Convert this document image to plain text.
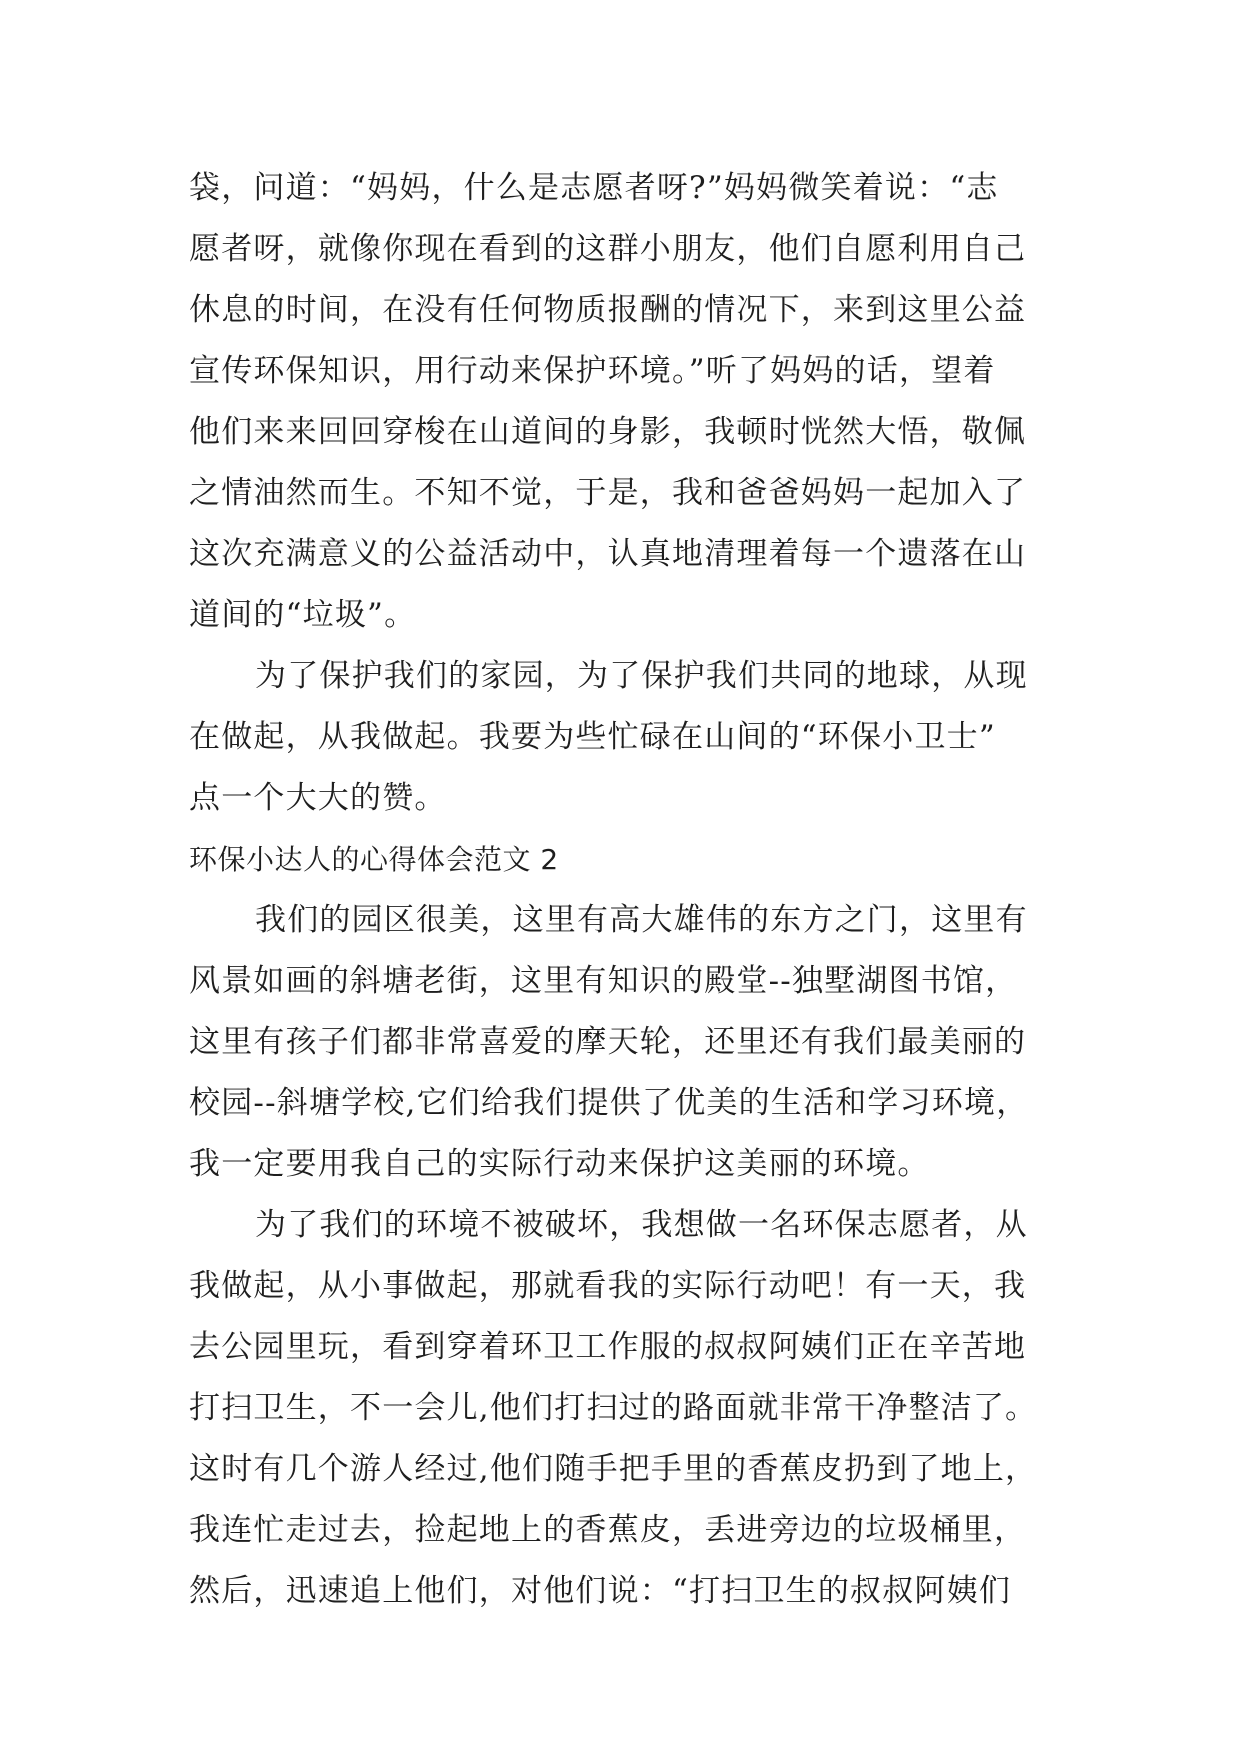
袋，问道：“妈妈，什么是志愿者呀?”妈妈微笑着说：“志
愿者呀，就像你现在看到的这群小朋友，他们自愿利用自己
休息的时间，在没有任何物质报酬的情况下，来到这里公益
宣传环保知识，用行动来保护环境。”听了妈妈的话，望着
他们来来回回穿梭在山道间的身影，我顿时恍然大悟，敬佩
之情油然而生。不知不觉，于是，我和爸爸妈妈一起加入了
这次充满意义的公益活动中，认真地清理着每一个遗落在山
道间的“垃圾”。

为了保护我们的家园，为了保护我们共同的地球，从现
在做起，从我做起。我要为些忙碌在山间的“环保小卫士”
点一个大大的赞。

环保小达人的心得体会范文 2

我们的园区很美，这里有高大雄伟的东方之门，这里有
风景如画的斜塘老街，这里有知识的殿堂--独墅湖图书馆，
这里有孩子们都非常喜爱的摩天轮，还里还有我们最美丽的
校园--斜塘学校,它们给我们提供了优美的生活和学习环境，
我一定要用我自己的实际行动来保护这美丽的环境。

为了我们的环境不被破坏，我想做一名环保志愿者，从
我做起，从小事做起，那就看我的实际行动吧！有一天，我
去公园里玩，看到穿着环卫工作服的叔叔阿姨们正在辛苦地
打扫卫生，不一会儿,他们打扫过的路面就非常干净整洁了。
这时有几个游人经过,他们随手把手里的香蕉皮扔到了地上，
我连忙走过去，捡起地上的香蕉皮，丢进旁边的垃圾桶里，
然后，迅速追上他们，对他们说：“打扫卫生的叔叔阿姨们
